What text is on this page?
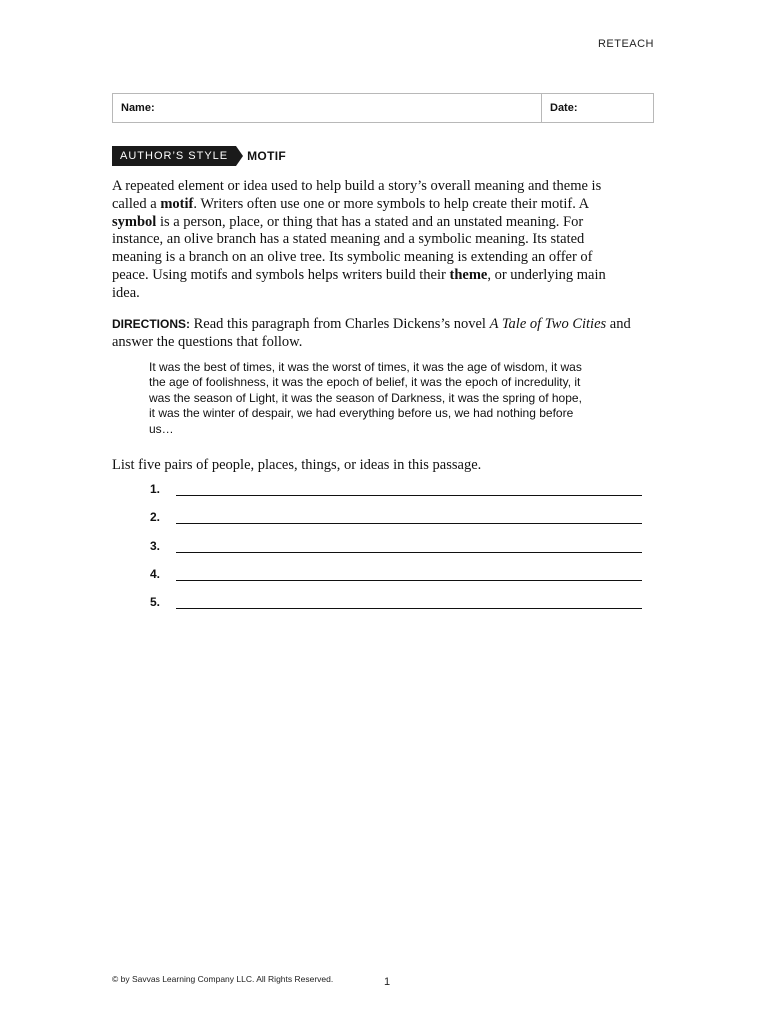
RETEACH
Name:	Date:
AUTHOR’S STYLE	MOTIF

A repeated element or idea used to help build a story’s overall meaning and theme is called a motif. Writers often use one or more symbols to help create their motif. A symbol is a person, place, or thing that has a stated and an unstated meaning. For instance, an olive branch has a stated meaning and a symbolic meaning. Its stated meaning is a branch on an olive tree. Its symbolic meaning is extending an offer of peace. Using motifs and symbols helps writers build their theme, or underlying main idea.

DIRECTIONS: Read this paragraph from Charles Dickens’s novel A Tale of Two Cities and answer the questions that follow.
It was the best of times, it was the worst of times, it was the age of wisdom, it was the age of foolishness, it was the epoch of belief, it was the epoch of incredulity, it was the season of Light, it was the season of Darkness, it was the spring of hope, it was the winter of despair, we had everything before us, we had nothing before us…
List five pairs of people, places, things, or ideas in this passage.
1.
2.
3.
4.
5.
© by Savvas Learning Company LLC. All Rights Reserved.	1
